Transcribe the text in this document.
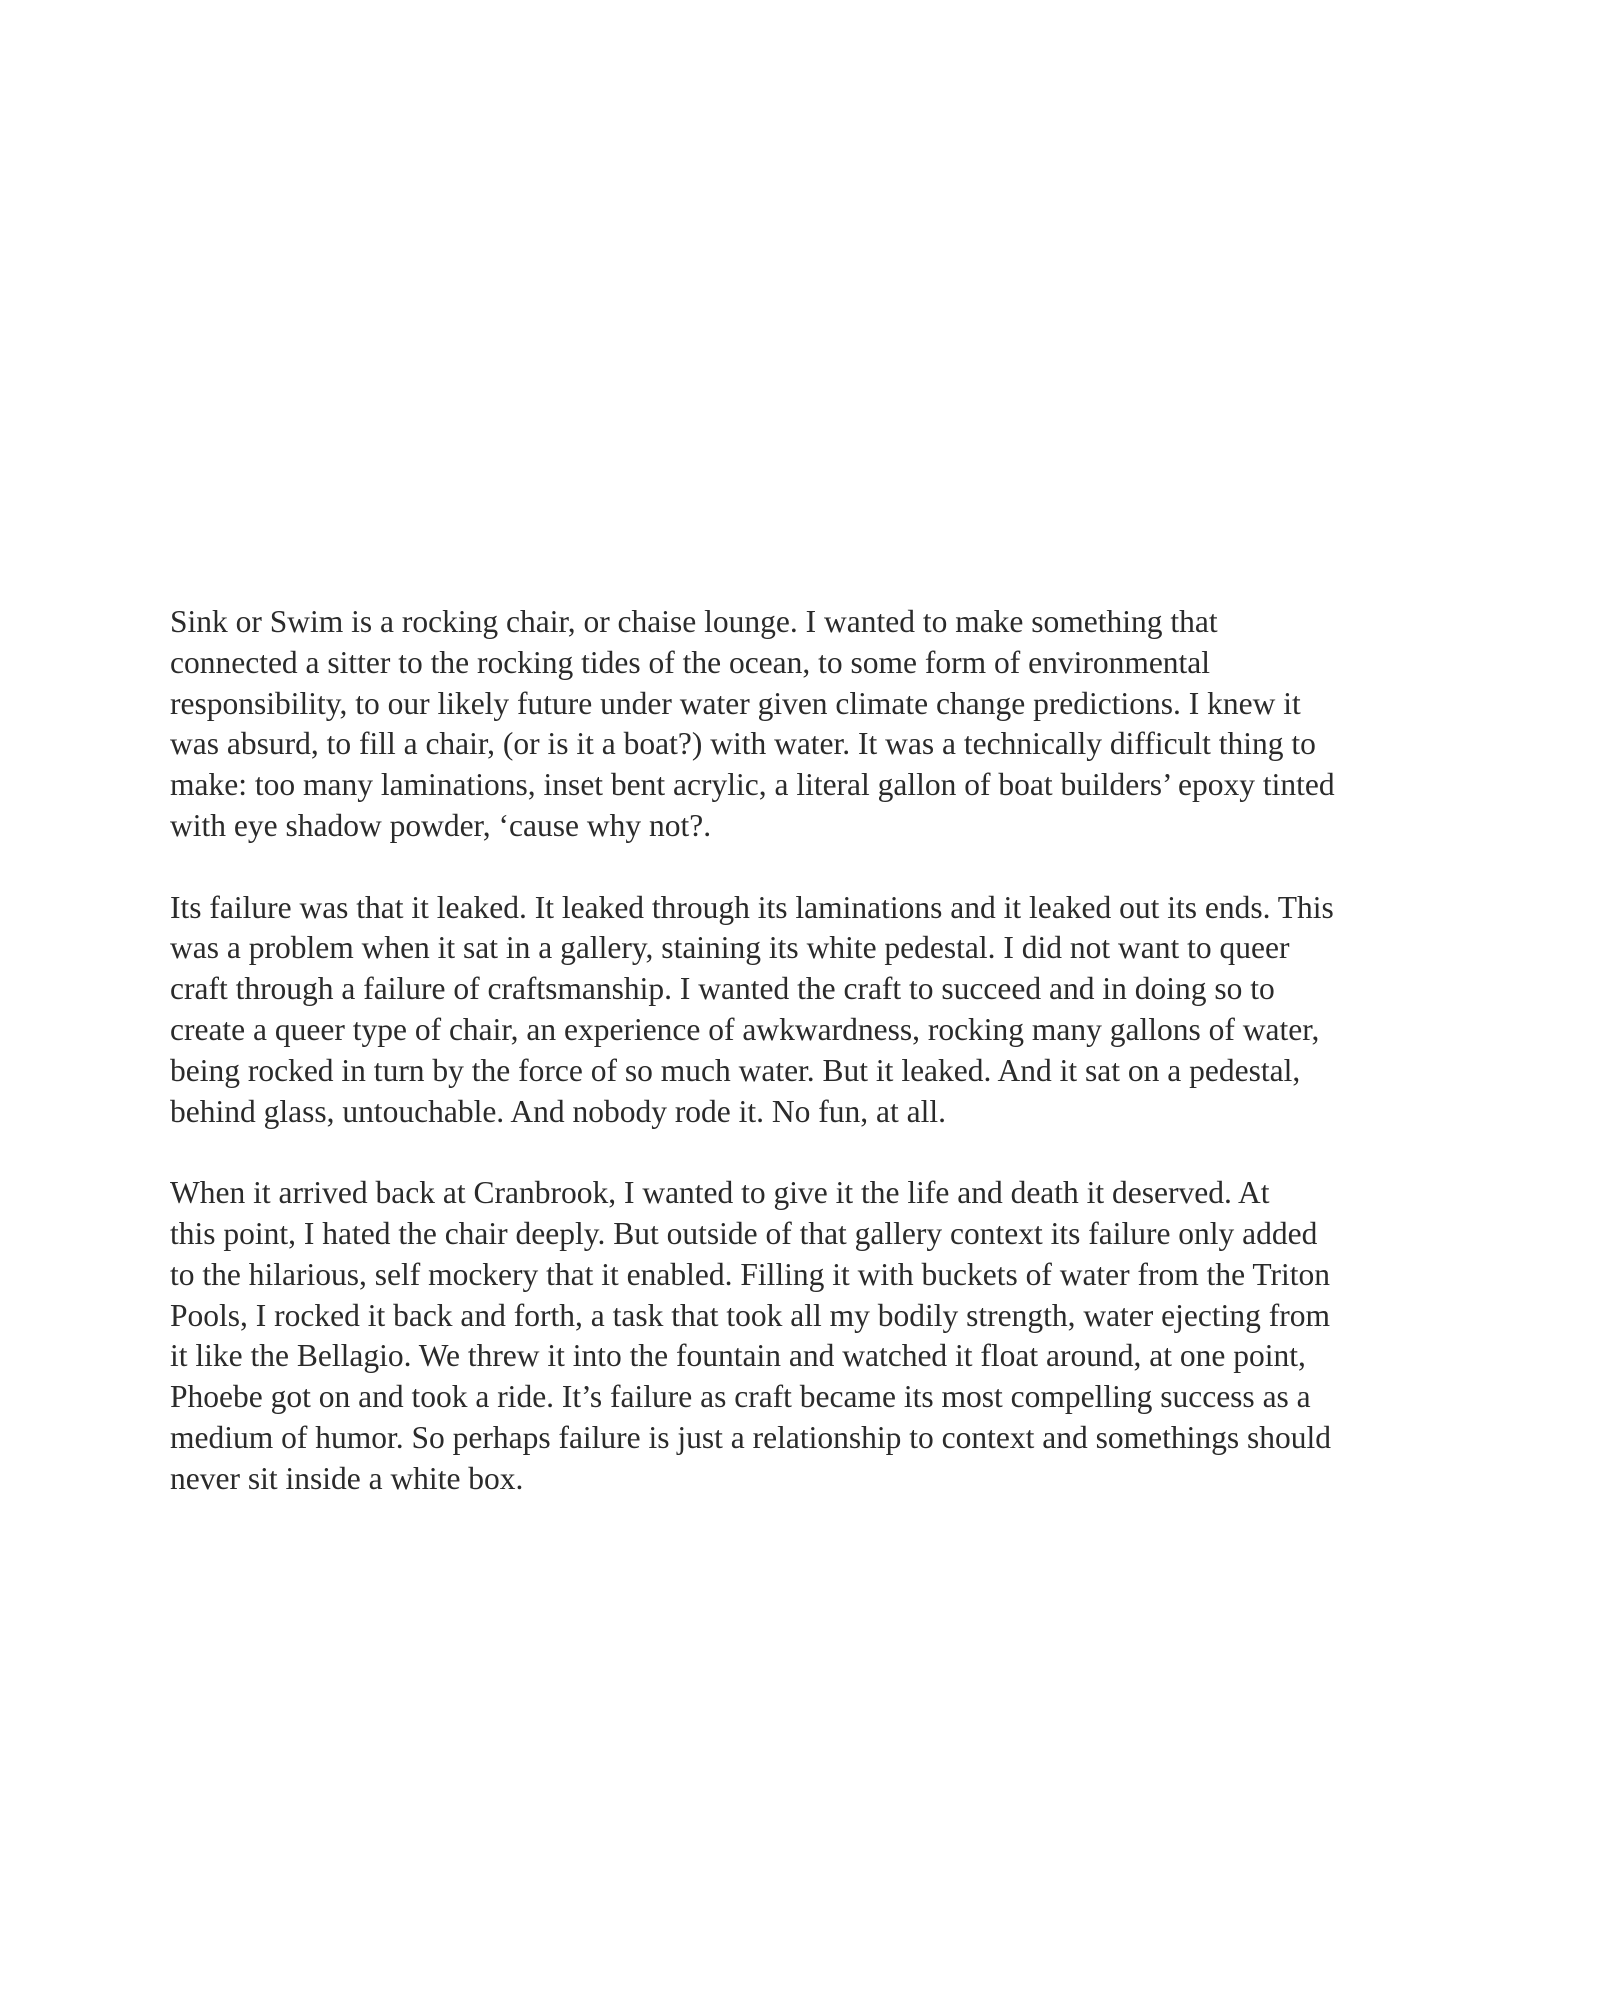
Sink or Swim is a rocking chair, or chaise lounge. I wanted to make something that
connected a sitter to the rocking tides of the ocean, to some form of environmental
responsibility, to our likely future under water given climate change predictions. I knew it
was absurd, to fill a chair, (or is it a boat?) with water. It was a technically difficult thing to
make: too many laminations, inset bent acrylic, a literal gallon of boat builders’ epoxy tinted
with eye shadow powder, ‘cause why not?.

Its failure was that it leaked. It leaked through its laminations and it leaked out its ends. This
was a problem when it sat in a gallery, staining its white pedestal. I did not want to queer
craft through a failure of craftsmanship. I wanted the craft to succeed and in doing so to
create a queer type of chair, an experience of awkwardness, rocking many gallons of water,
being rocked in turn by the force of so much water. But it leaked. And it sat on a pedestal,
behind glass, untouchable. And nobody rode it. No fun, at all.

When it arrived back at Cranbrook, I wanted to give it the life and death it deserved. At
this point, I hated the chair deeply. But outside of that gallery context its failure only added
to the hilarious, self mockery that it enabled. Filling it with buckets of water from the Triton
Pools, I rocked it back and forth, a task that took all my bodily strength, water ejecting from
it like the Bellagio. We threw it into the fountain and watched it float around, at one point,
Phoebe got on and took a ride. It’s failure as craft became its most compelling success as a
medium of humor. So perhaps failure is just a relationship to context and somethings should
never sit inside a white box.
